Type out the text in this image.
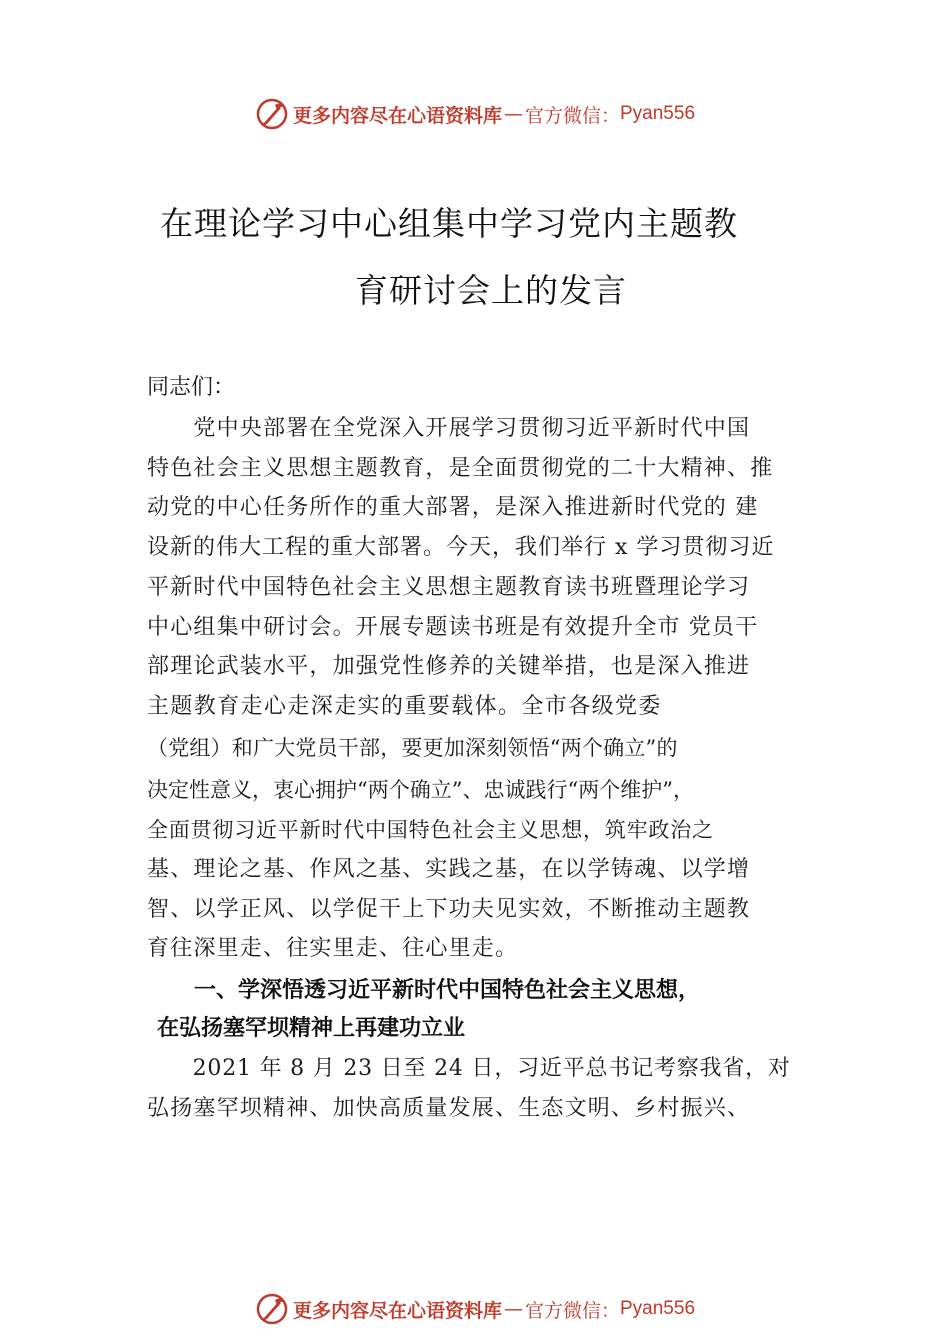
更多内容尽在心语资料库 — 官方微信： Pyan556
在理论学习中心组集中学习党内主题教
育研讨会上的发言
同志们：
　　党中央部署在全党深入开展学习贯彻习近平新时代中国
特色社会主义思想主题教育，是全面贯彻党的二十大精神、推
动党的中心任务所作的重大部署，是深入推进新时代党的 建
设新的伟大工程的重大部署。今天，我们举行 x 学习贯彻习近
平新时代中国特色社会主义思想主题教育读书班暨理论学习
中心组集中研讨会。开展专题读书班是有效提升全市 党员干
部理论武装水平，加强党性修养的关键举措，也是深入推进
主题教育走心走深走实的重要载体。全市各级党委
（党组）和广大党员干部，要更加深刻领悟“两个确立”的
决定性意义，衷心拥护“两个确立”、忠诚践行“两个维护”，
全面贯彻习近平新时代中国特色社会主义思想，筑牢政治之
基、理论之基、作风之基、实践之基，在以学铸魂、以学增
智、以学正风、以学促干上下功夫见实效，不断推动主题教
育往深里走、往实里走、往心里走。
一、学深悟透习近平新时代中国特色社会主义思想，
在弘扬塞罕坝精神上再建功立业
　　2021 年 8 月 23 日至 24 日，习近平总书记考察我省，对
弘扬塞罕坝精神、加快高质量发展、生态文明、乡村振兴、
更多内容尽在心语资料库 — 官方微信： Pyan556
